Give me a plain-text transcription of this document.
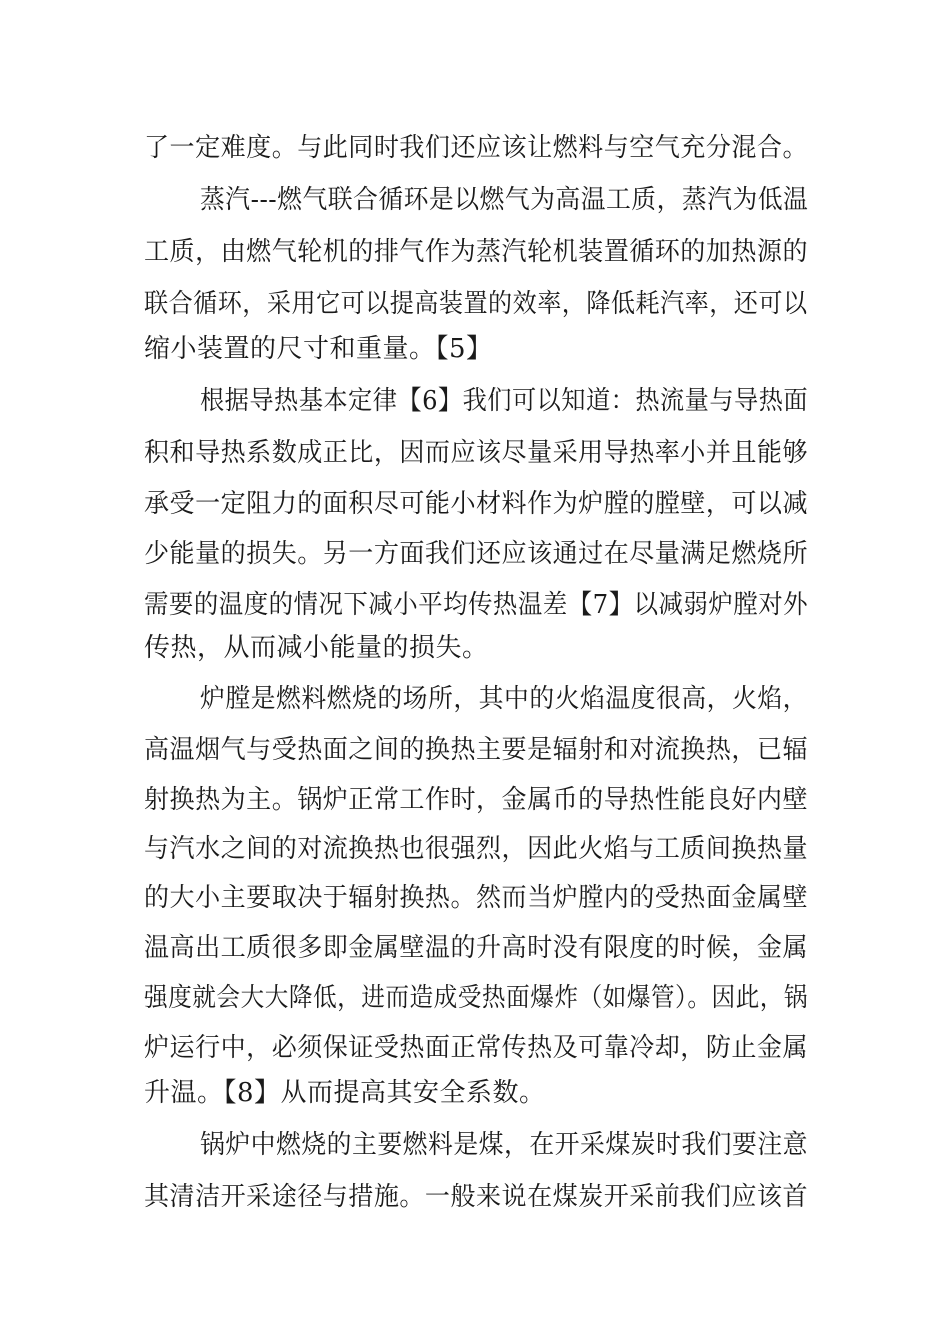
了一定难度。与此同时我们还应该让燃料与空气充分混合。
蒸汽---燃气联合循环是以燃气为高温工质，蒸汽为低温
工质，由燃气轮机的排气作为蒸汽轮机装置循环的加热源的
联合循环，采用它可以提高装置的效率，降低耗汽率，还可以
缩小装置的尺寸和重量。【5】
根据导热基本定律【6】我们可以知道：热流量与导热面
积和导热系数成正比，因而应该尽量采用导热率小并且能够
承受一定阻力的面积尽可能小材料作为炉膛的膛壁，可以减
少能量的损失。另一方面我们还应该通过在尽量满足燃烧所
需要的温度的情况下减小平均传热温差【7】以减弱炉膛对外
传热，从而减小能量的损失。
炉膛是燃料燃烧的场所，其中的火焰温度很高，火焰，
高温烟气与受热面之间的换热主要是辐射和对流换热，已辐
射换热为主。锅炉正常工作时，金属币的导热性能良好内壁
与汽水之间的对流换热也很强烈，因此火焰与工质间换热量
的大小主要取决于辐射换热。然而当炉膛内的受热面金属壁
温高出工质很多即金属壁温的升高时没有限度的时候，金属
强度就会大大降低，进而造成受热面爆炸（如爆管）。因此，锅
炉运行中，必须保证受热面正常传热及可靠冷却，防止金属
升温。【8】从而提高其安全系数。
锅炉中燃烧的主要燃料是煤，在开采煤炭时我们要注意
其清洁开采途径与措施。一般来说在煤炭开采前我们应该首
